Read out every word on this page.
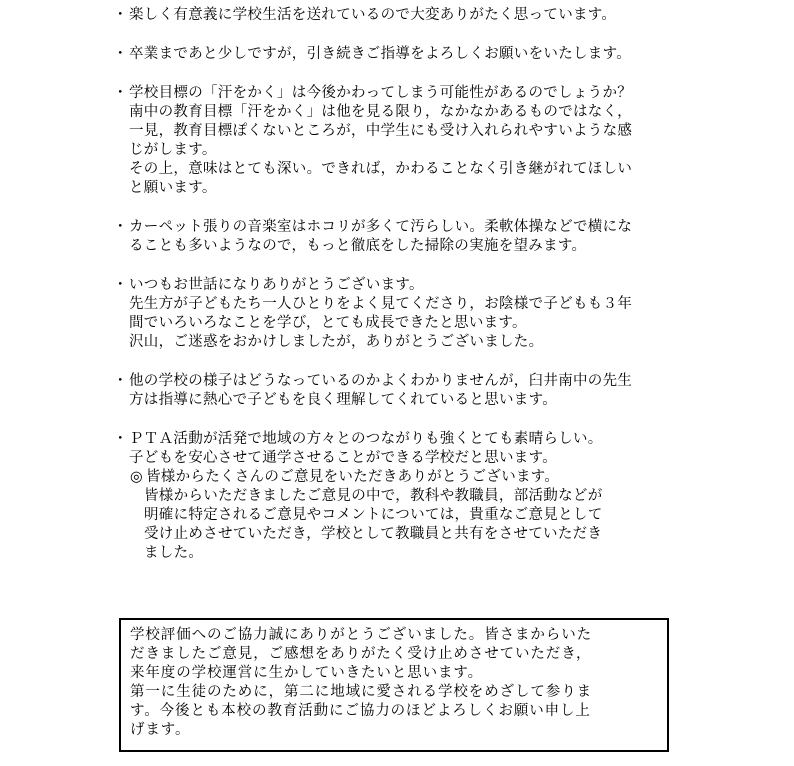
・ 楽しく有意義に学校生活を送れているので大変ありがたく思っています。
・ 卒業まであと少しですが，引き続きご指導をよろしくお願いをいたします。
・ 学校目標の「汗をかく」は今後かわってしまう可能性があるのでしょうか？
南中の教育目標「汗をかく」は他を見る限り，なかなかあるものではなく，
一見，教育目標ぽくないところが，中学生にも受け入れられやすいような感
じがします。
その上，意味はとても深い。できれば，かわることなく引き継がれてほしい
と願います。
・ カーペット張りの音楽室はホコリが多くて汚らしい。柔軟体操などで横にな
ることも多いようなので，もっと徹底をした掃除の実施を望みます。
・ いつもお世話になりありがとうございます。
先生方が子どもたち一人ひとりをよく見てくださり，お陰様で子どもも３年
間でいろいろなことを学び，とても成長できたと思います。
沢山，ご迷惑をおかけしましたが，ありがとうございました。
・ 他の学校の様子はどうなっているのかよくわかりませんが，臼井南中の先生
方は指導に熱心で子どもを良く理解してくれていると思います。
・ ＰＴＡ活動が活発で地域の方々とのつながりも強くとても素晴らしい。
子どもを安心させて通学させることができる学校だと思います。
◎ 皆様からたくさんのご意見をいただきありがとうございます。
皆様からいただきましたご意見の中で，教科や教職員，部活動などが
明確に特定されるご意見やコメントについては，貴重なご意見として
受け止めさせていただき，学校として教職員と共有をさせていただき
ました。
学校評価へのご協力誠にありがとうございました。皆さまからいた
だきましたご意見，ご感想をありがたく受け止めさせていただき，
来年度の学校運営に生かしていきたいと思います。
第一に生徒のために，第二に地域に愛される学校をめざして参りま
す。今後とも本校の教育活動にご協力のほどよろしくお願い申し上
げます。
